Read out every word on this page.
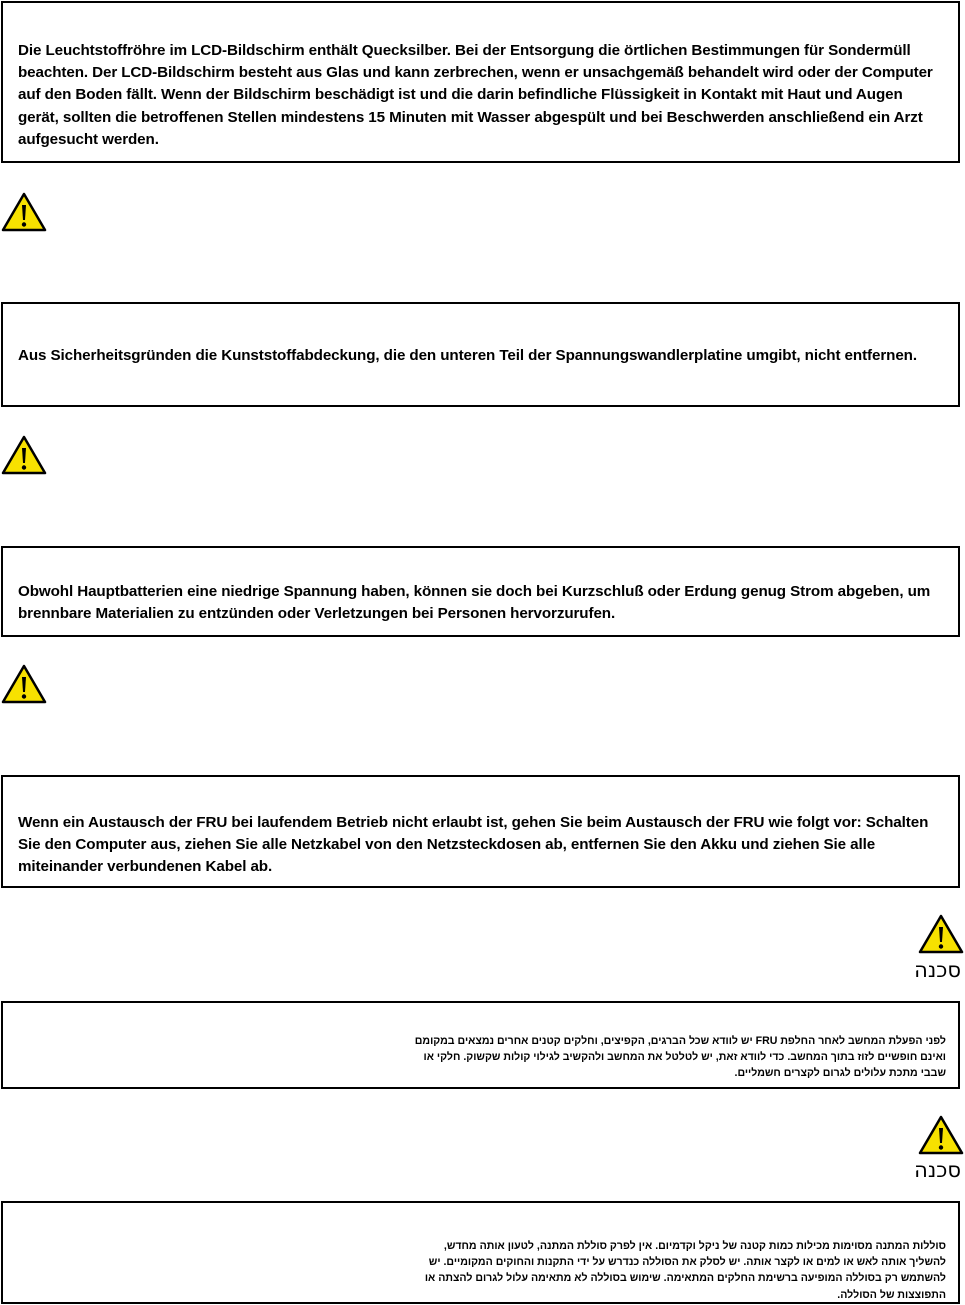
Die Leuchtstoffröhre im LCD-Bildschirm enthält Quecksilber. Bei der Entsorgung die örtlichen Bestimmungen für Sondermüll beachten. Der LCD-Bildschirm besteht aus Glas und kann zerbrechen, wenn er unsachgemäß behandelt wird oder der Computer auf den Boden fällt. Wenn der Bildschirm beschädigt ist und die darin befindliche Flüssigkeit in Kontakt mit Haut und Augen gerät, sollten die betroffenen Stellen mindestens 15 Minuten mit Wasser abgespült und bei Beschwerden anschließend ein Arzt aufgesucht werden.
Aus Sicherheitsgründen die Kunststoffabdeckung, die den unteren Teil der Spannungswandlerplatine umgibt, nicht entfernen.
Obwohl Hauptbatterien eine niedrige Spannung haben, können sie doch bei Kurzschluß oder Erdung genug Strom abgeben, um brennbare Materialien zu entzünden oder Verletzungen bei Personen hervorzurufen.
Wenn ein Austausch der FRU bei laufendem Betrieb nicht erlaubt ist, gehen Sie beim Austausch der FRU wie folgt vor: Schalten Sie den Computer aus, ziehen Sie alle Netzkabel von den Netzsteckdosen ab, entfernen Sie den Akku und ziehen Sie alle miteinander verbundenen Kabel ab.
סכנה

לפני הפעלת המחשב לאחר החלפת FRU יש לוודא שכל הברגים, הקפיצים, וחלקים קטנים אחרים נמצאים במקומם ואינם חופשיים לזוז בתוך המחשב. כדי לוודא זאת, יש לטלטל את המחשב ולהקשיב לגילוי קולות שקשוק. חלקי או שבבי מתכת עלולים לגרום לקצרים חשמליים.

סכנה

סוללות המתנה מסוימות מכילות כמות קטנה של ניקל וקדמיום. אין לפרק סוללת המתנה, לטעון אותה מחדש, להשליך אותה לאש או למים או לקצר אותה. יש לסלק את הסוללה כנדרש על ידי התקנות והחוקים המקומיים. יש להשתמש רק בסוללה המופיעה ברשימת החלקים המתאימה. שימוש בסוללה לא מתאימה עלול לגרום להצתה או התפוצצות של הסוללה.
